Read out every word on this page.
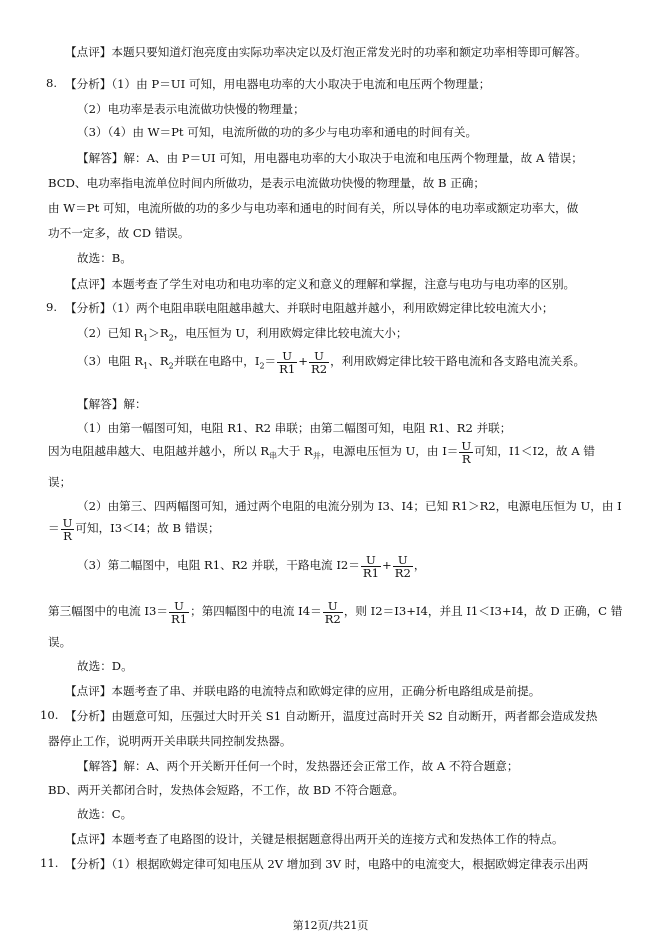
【点评】本题只要知道灯泡亮度由实际功率决定以及灯泡正常发光时的功率和额定功率相等即可解答。
8. 【分析】（1）由 P＝UI 可知，用电器电功率的大小取决于电流和电压两个物理量；
（2）电功率是表示电流做功快慢的物理量；
（3）（4）由 W＝Pt 可知，电流所做的功的多少与电功率和通电的时间有关。
【解答】解：A、由 P＝UI 可知，用电器电功率的大小取决于电流和电压两个物理量，故 A 错误；
BCD、电功率指电流单位时间内所做功，是表示电流做功快慢的物理量，故 B 正确；
由 W＝Pt 可知，电流所做的功的多少与电功率和通电的时间有关，所以导体的电功率或额定功率大，做
功不一定多，故 CD 错误。
故选：B。
【点评】本题考查了学生对电功和电功率的定义和意义的理解和掌握，注意与电功与电功率的区别。
9. 【分析】（1）两个电阻串联电阻越串越大、并联时电阻越并越小，利用欧姆定律比较电流大小；
（2）已知 $R_1>R_2$，电压恒为 U，利用欧姆定律比较电流大小；
（3）电阻 $R_1$、$R_2$并联在电路中，$I_2= \frac{U}{R1} + \frac{U}{R2}$ ，利用欧姆定律比较干路电流和各支路电流关系。
【解答】解：
（1）由第一幅图可知，电阻 R1、R2 串联；由第二幅图可知，电阻 R1、R2 并联；
因为电阻越串越大、电阻越并越小，所以 $R_串$大于 $R_并$，电源电压恒为 U，由 $I= \frac{U}{R}$ 可知，I1＜I2，故 A 错
误；
（2）由第三、四两幅图可知，通过两个电阻的电流分别为 I3、I4；已知 R1＞R2，电源电压恒为 U，由 I
＝ $\frac{U}{R}$ 可知，I3＜I4；故 B 错误；
（3）第二幅图中，电阻 R1、R2 并联，干路电流 $I2= \frac{U}{R1} + \frac{U}{R2}$ ，
第三幅图中的电流 $I3= \frac{U}{R1}$ ；第四幅图中的电流 $I4= \frac{U}{R2}$ ，则 I2＝I3+I4，并且 I1＜I3+I4，故 D 正确，C 错
误。
故选：D。
【点评】本题考查了串、并联电路的电流特点和欧姆定律的应用，正确分析电路组成是前提。
10. 【分析】由题意可知，压强过大时开关 S1 自动断开，温度过高时开关 S2 自动断开，两者都会造成发热
器停止工作，说明两开关串联共同控制发热器。
【解答】解：A、两个开关断开任何一个时，发热器还会正常工作，故 A 不符合题意；
BD、两开关都闭合时，发热体会短路，不工作，故 BD 不符合题意。
故选：C。
【点评】本题考查了电路图的设计，关键是根据题意得出两开关的连接方式和发热体工作的特点。
11. 【分析】（1）根据欧姆定律可知电压从 2V 增加到 3V 时，电路中的电流变大，根据欧姆定律表示出两
第12页/共21页
